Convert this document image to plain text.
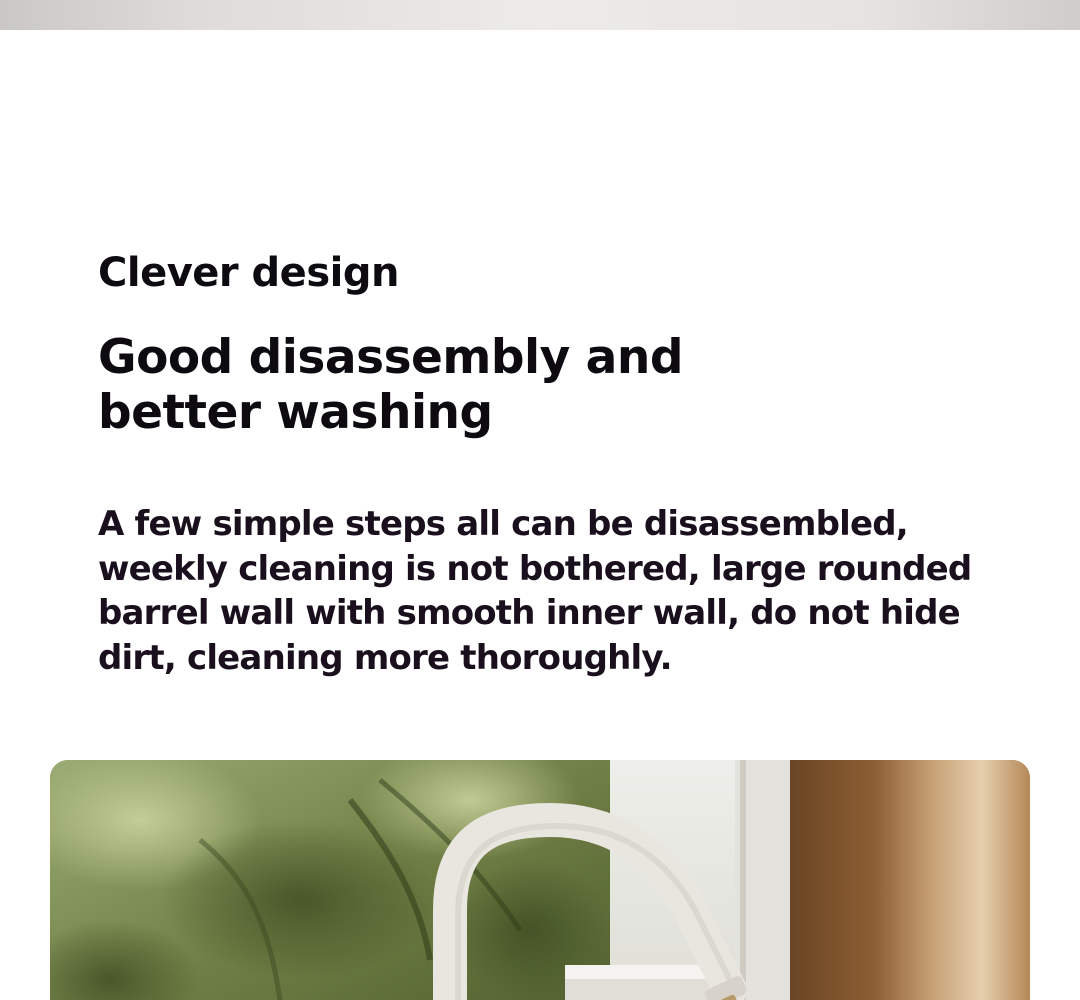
Clever design
Good disassembly and
better washing

A few simple steps all can be disassembled, weekly cleaning is not bothered, large rounded barrel wall with smooth inner wall, do not hide dirt, cleaning more thoroughly.
